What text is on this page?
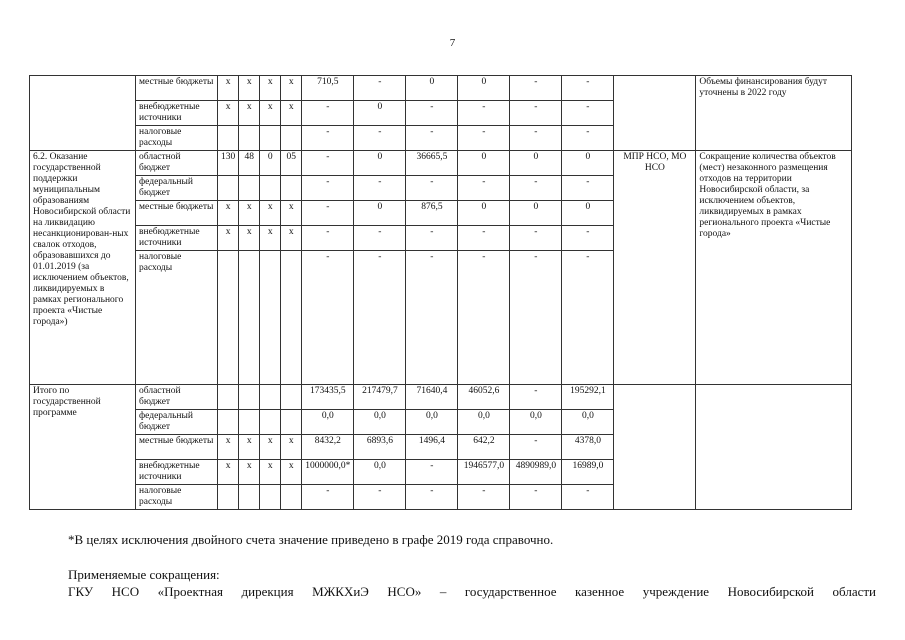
7
	местные бюджеты	x	x	x	x	710,5	-	0	0	-	-		Объемы финансирования будут уточнены в 2022 году
	внебюджетные источники	x	x	x	x	-	0	-	-	-	-		
	налоговые расходы					-	-	-	-	-	-		
6.2. Оказание государственной поддержки муниципальным образованиям Новосибирской области на ликвидацию несанкционирован-ных свалок отходов, образовавшихся до 01.01.2019 (за исключением объектов, ликвидируемых в рамках регионального проекта «Чистые города»)	областной бюджет	130	48	0	05	-	0	36665,5	0	0	0	МПР НСО, МО НСО	Сокращение количества объектов (мест) незаконного размещения отходов на территории Новосибирской области, за исключением объектов, ликвидируемых в рамках регионального проекта «Чистые города»
	федеральный бюджет					-	-	-	-	-	-		
	местные бюджеты	x	x	x	x	-	0	876,5	0	0	0		
	внебюджетные источники	x	x	x	x	-	-	-	-	-	-		
	налоговые расходы					-	-	-	-	-	-		
Итого по государственной программе	областной бюджет					173435,5	217479,7	71640,4	46052,6	-	195292,1		
	федеральный бюджет					0,0	0,0	0,0	0,0	0,0	0,0		
	местные бюджеты	x	x	x	x	8432,2	6893,6	1496,4	642,2	-	4378,0		
	внебюджетные источники	x	x	x	x	1000000,0*	0,0	-	1946577,0	4890989,0	16989,0		
	налоговые расходы					-	-	-	-	-	-		
*В целях исключения двойного счета значение приведено в графе 2019 года справочно.
Применяемые сокращения:
ГКУ НСО «Проектная дирекция МЖКХиЭ НСО» – государственное казенное учреждение Новосибирской области
